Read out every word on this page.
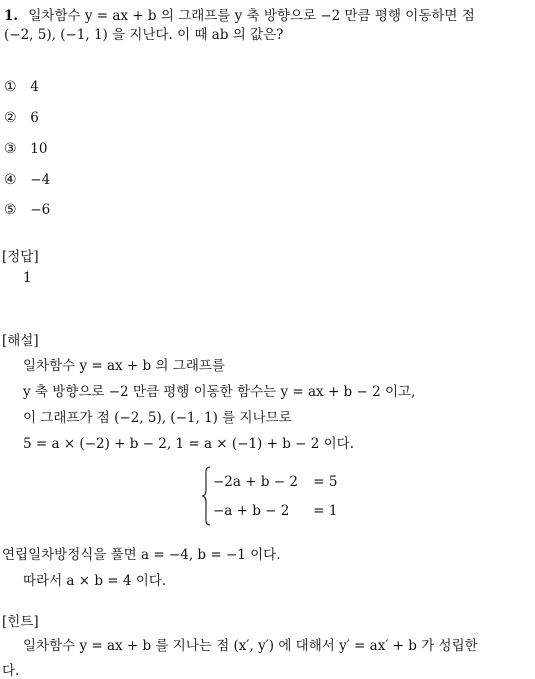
1. 일차함수 y = ax + b 의 그래프를 y 축 방향으로 −2 만큼 평행 이동하면 점
(−2, 5), (−1, 1) 을 지난다. 이 때 ab 의 값은?
① 4
② 6
③ 10
④ −4
⑤ −6
[정답]
1
[해설]
일차함수 y = ax + b 의 그래프를
y 축 방향으로 −2 만큼 평행 이동한 함수는 y = ax + b − 2 이고,
이 그래프가 점 (−2, 5), (−1, 1) 를 지나므로
5 = a × (−2) + b − 2, 1 = a × (−1) + b − 2 이다.
−2a + b − 2 = 5
−a + b − 2 = 1
연립일차방정식을 풀면 a = −4, b = −1 이다.
따라서 a × b = 4 이다.
[힌트]
일차함수 y = ax + b 를 지나는 점 (x′, y′) 에 대해서 y′ = ax′ + b 가 성립한
다.
